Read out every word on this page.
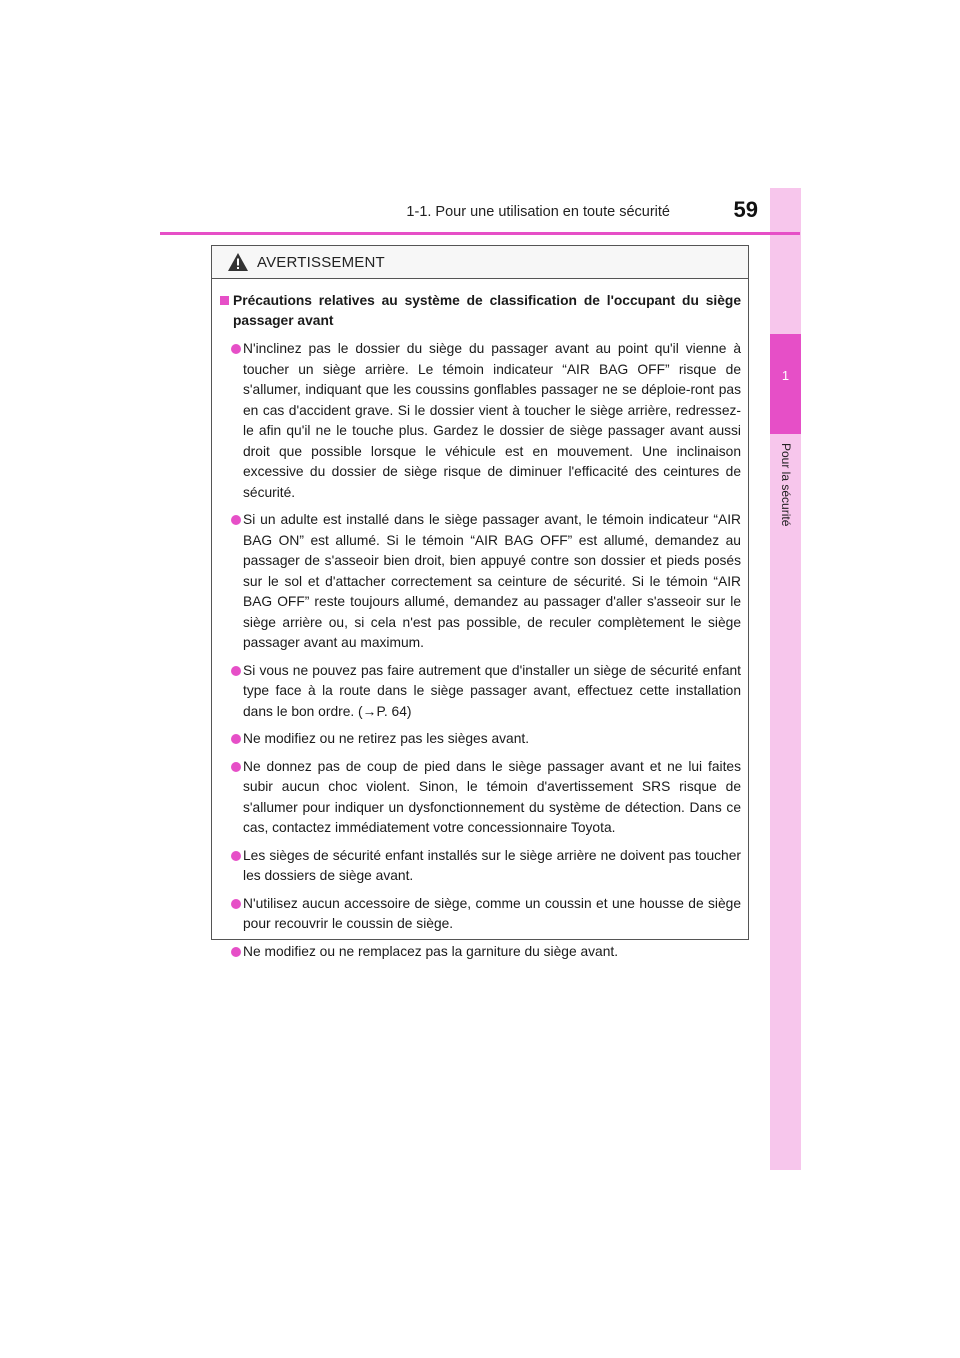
1
Pour la sécurité
1-1. Pour une utilisation en toute sécurité	59
AVERTISSEMENT
Précautions relatives au système de classification de l'occupant du siège passager avant
N'inclinez pas le dossier du siège du passager avant au point qu'il vienne à toucher un siège arrière. Le témoin indicateur “AIR BAG OFF” risque de s'allumer, indiquant que les coussins gonflables passager ne se déploie-ront pas en cas d'accident grave. Si le dossier vient à toucher le siège arrière, redressez-le afin qu'il ne le touche plus. Gardez le dossier de siège passager avant aussi droit que possible lorsque le véhicule est en mouvement. Une inclinaison excessive du dossier de siège risque de diminuer l'efficacité des ceintures de sécurité.
Si un adulte est installé dans le siège passager avant, le témoin indicateur “AIR BAG ON” est allumé. Si le témoin “AIR BAG OFF” est allumé, demandez au passager de s'asseoir bien droit, bien appuyé contre son dossier et pieds posés sur le sol et d'attacher correctement sa ceinture de sécurité. Si le témoin “AIR BAG OFF” reste toujours allumé, demandez au passager d'aller s'asseoir sur le siège arrière ou, si cela n'est pas possible, de reculer complètement le siège passager avant au maximum.
Si vous ne pouvez pas faire autrement que d'installer un siège de sécurité enfant type face à la route dans le siège passager avant, effectuez cette installation dans le bon ordre. (→P. 64)
Ne modifiez ou ne retirez pas les sièges avant.
Ne donnez pas de coup de pied dans le siège passager avant et ne lui faites subir aucun choc violent. Sinon, le témoin d'avertissement SRS risque de s'allumer pour indiquer un dysfonctionnement du système de détection. Dans ce cas, contactez immédiatement votre concessionnaire Toyota.
Les sièges de sécurité enfant installés sur le siège arrière ne doivent pas toucher les dossiers de siège avant.
N'utilisez aucun accessoire de siège, comme un coussin et une housse de siège pour recouvrir le coussin de siège.
Ne modifiez ou ne remplacez pas la garniture du siège avant.
